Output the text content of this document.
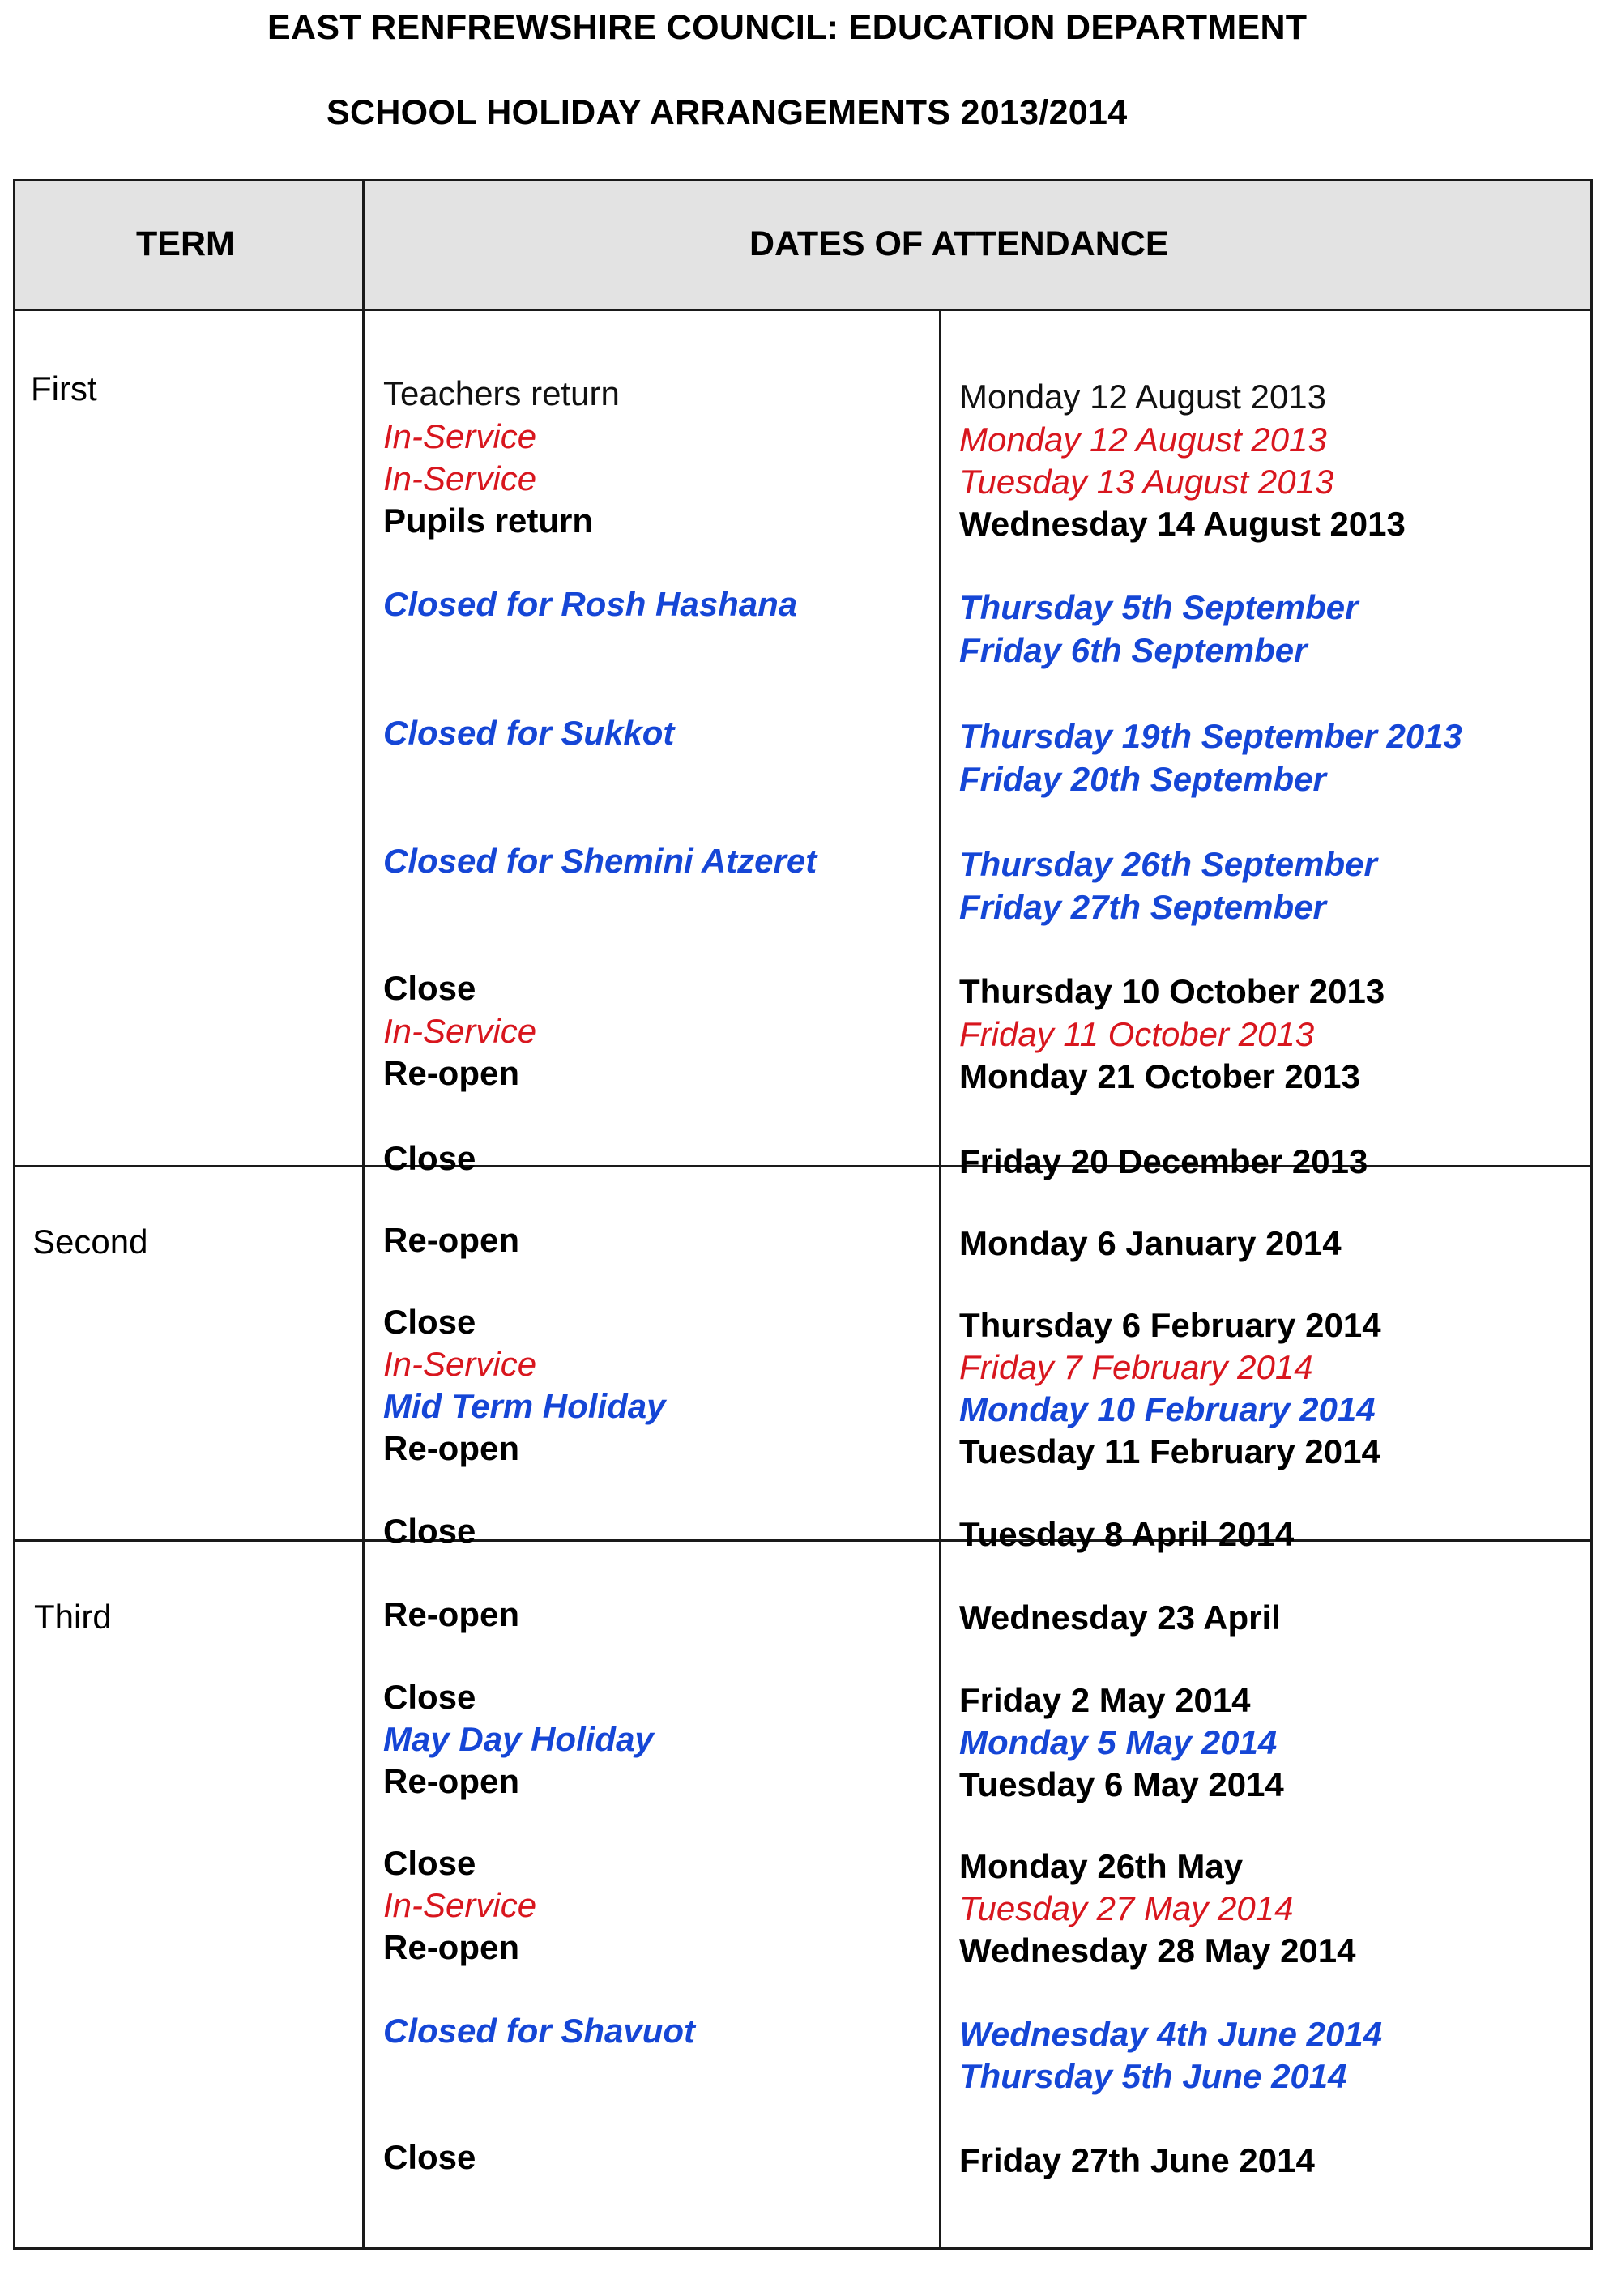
EAST RENFREWSHIRE COUNCIL: EDUCATION DEPARTMENT
SCHOOL HOLIDAY ARRANGEMENTS 2013/2014
TERM	DATES OF ATTENDANCE
First	Teachers return	Monday 12 August 2013
In-Service	Monday 12 August 2013
In-Service	Tuesday 13 August 2013
Pupils return	Wednesday 14 August 2013
Closed for Rosh Hashana	Thursday 5th September
Friday 6th September
Closed for Sukkot	Thursday 19th September 2013
Friday 20th September
Closed for Shemini Atzeret	Thursday 26th September
Friday 27th September
Close	Thursday 10 October 2013
In-Service	Friday 11 October 2013
Re-open	Monday 21 October 2013
Close	Friday 20 December 2013
Second	Re-open	Monday 6 January 2014
Close	Thursday 6 February 2014
In-Service	Friday 7 February 2014
Mid Term Holiday	Monday 10 February 2014
Re-open	Tuesday 11 February 2014
Close	Tuesday 8 April 2014
Third	Re-open	Wednesday 23 April
Close	Friday 2 May 2014
May Day Holiday	Monday 5 May 2014
Re-open	Tuesday 6 May 2014
Close	Monday 26th May
In-Service	Tuesday 27 May 2014
Re-open	Wednesday 28 May 2014
Closed for Shavuot	Wednesday 4th June 2014
Thursday 5th June 2014
Close	Friday 27th June 2014
